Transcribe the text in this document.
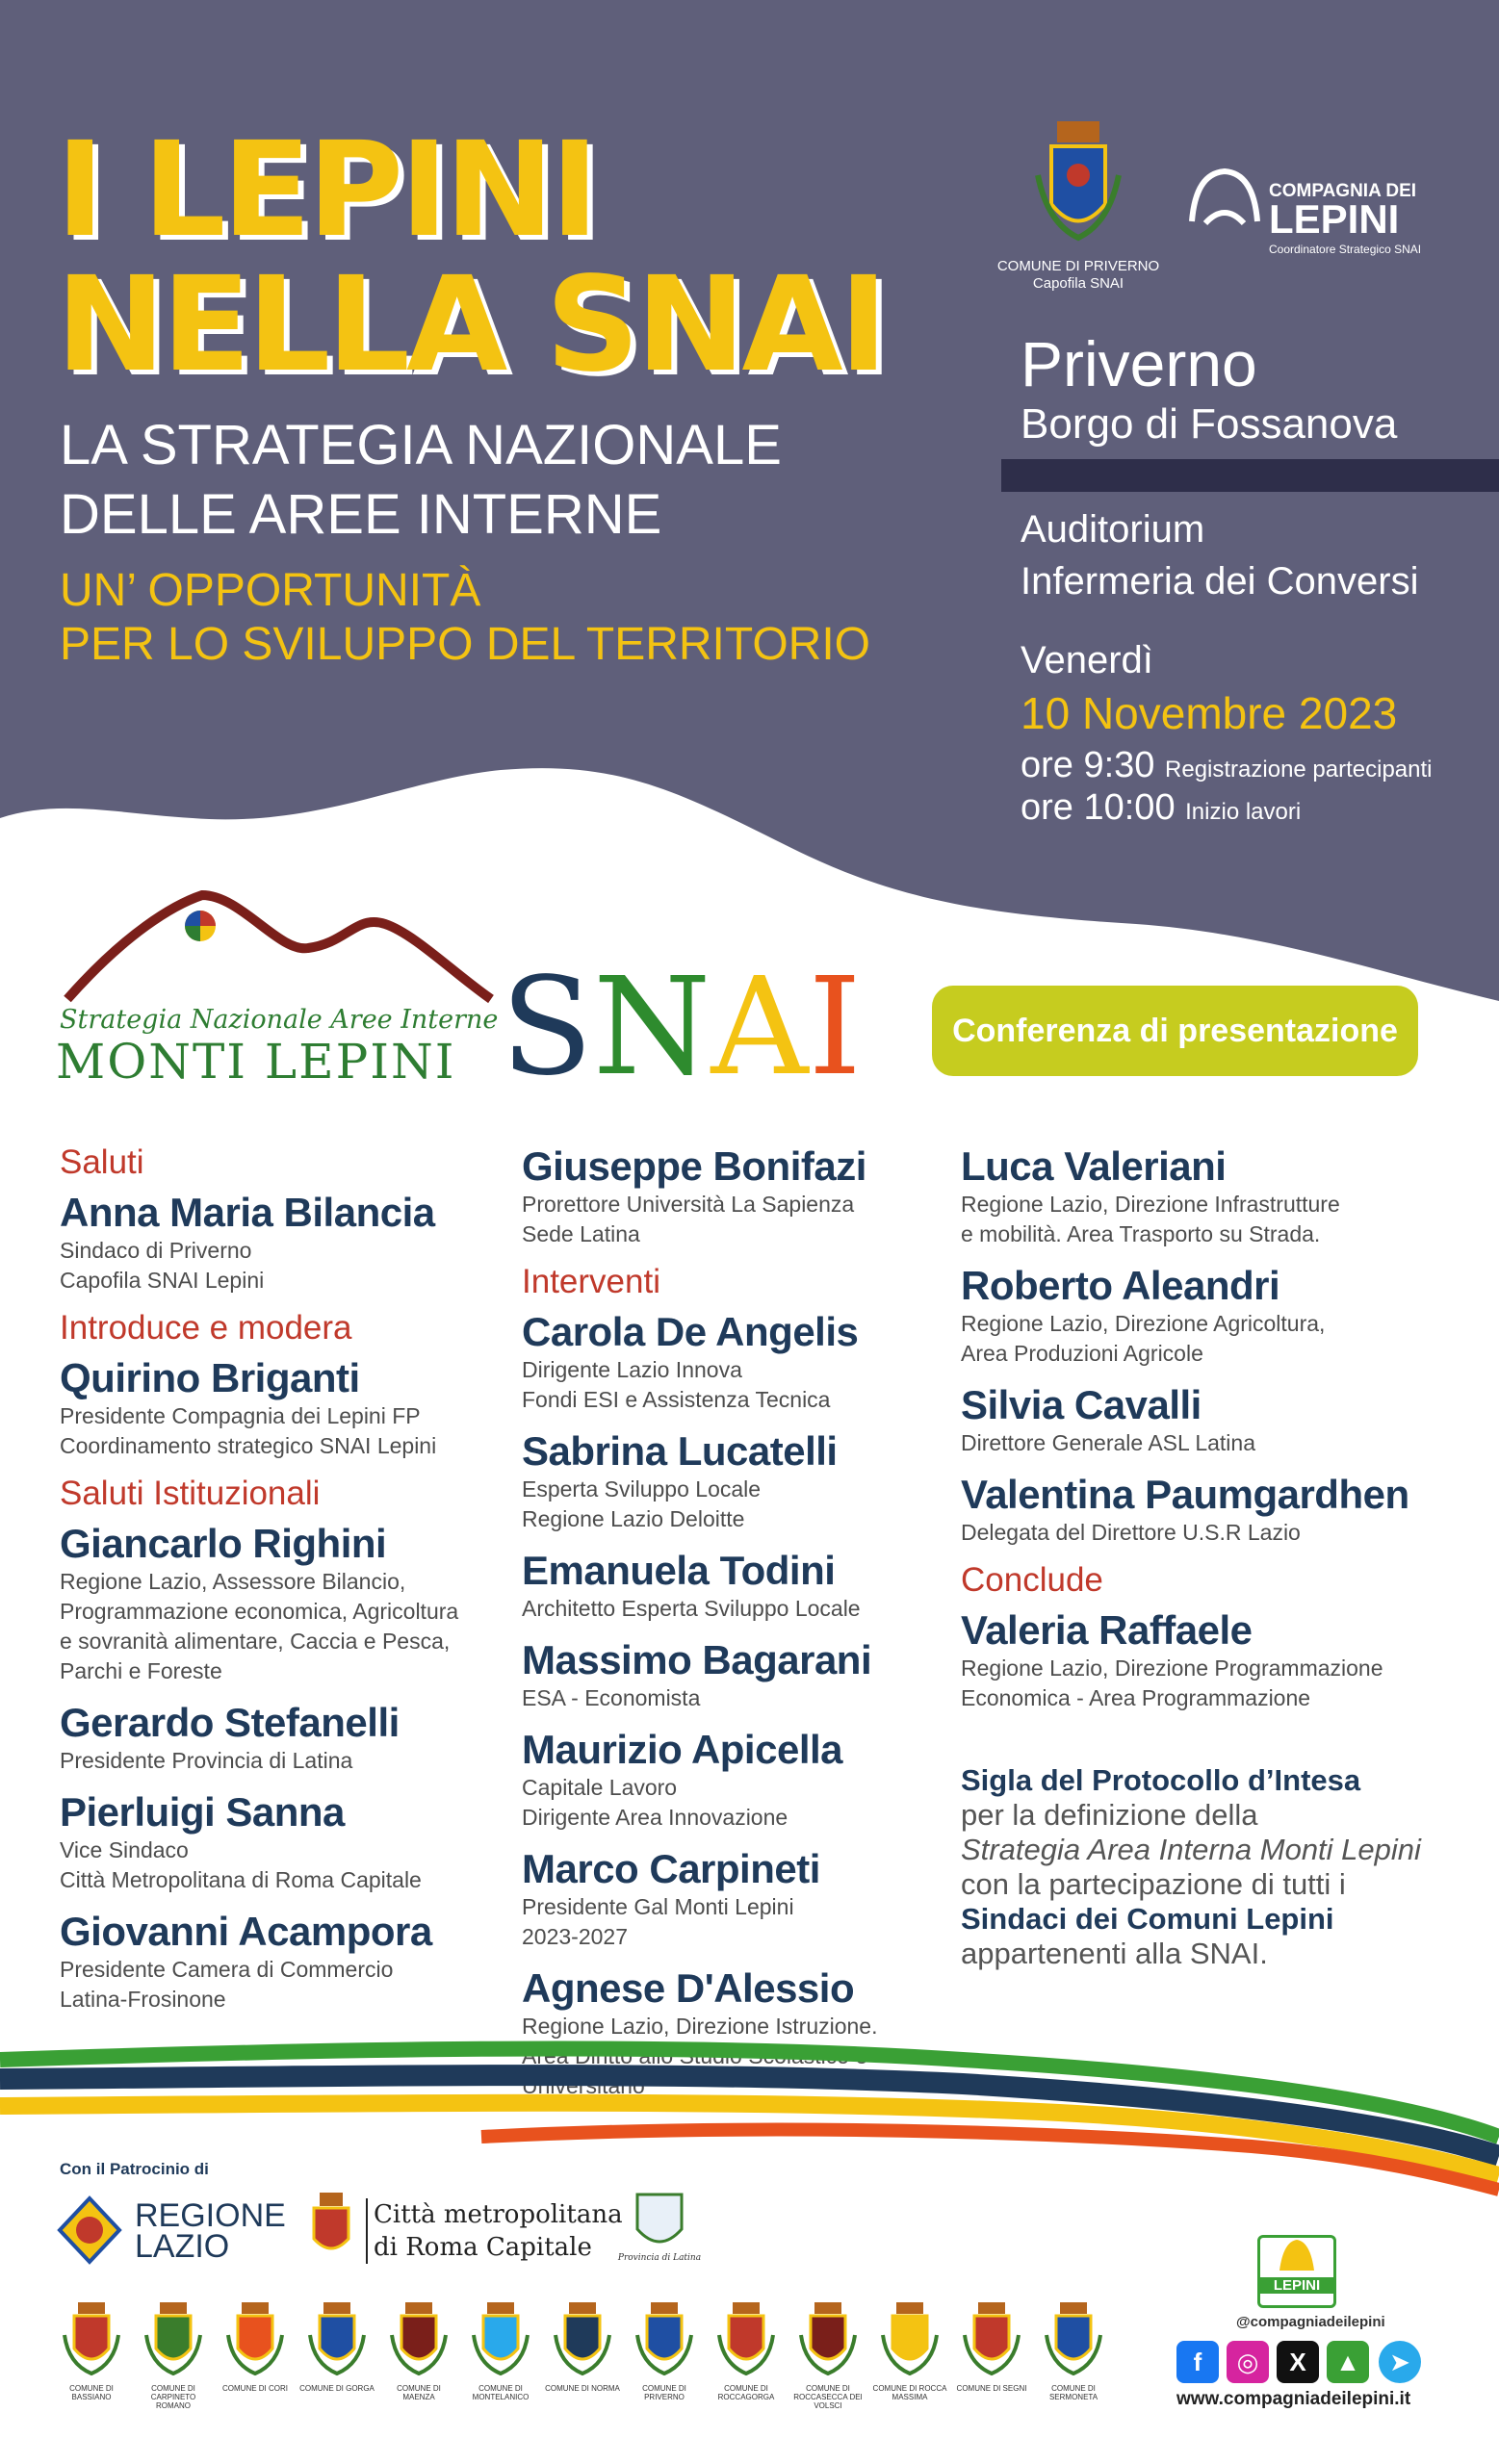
I LEPINI
NELLA SNAI
LA STRATEGIA NAZIONALE
DELLE AREE INTERNE
UN’ OPPORTUNITÀ
PER LO SVILUPPO DEL TERRITORIO
COMUNE DI PRIVERNO
Capofila SNAI
COMPAGNIA DEI
LEPINI
Coordinatore Strategico SNAI
Priverno
Borgo di Fossanova
Auditorium
Infermeria dei Conversi
Venerdì
10 Novembre 2023
ore 9:30 Registrazione partecipanti
ore 10:00 Inizio lavori
Strategia Nazionale Aree Interne
MONTI LEPINI SNAI	Conferenza di presentazione
Saluti
Anna Maria Bilancia
Sindaco di Priverno
Capofila SNAI Lepini
Introduce e modera
Quirino Briganti
Presidente Compagnia dei Lepini FP
Coordinamento strategico SNAI Lepini
Saluti Istituzionali
Giancarlo Righini
Regione Lazio, Assessore Bilancio,
Programmazione economica, Agricoltura
e sovranità alimentare, Caccia e Pesca,
Parchi e Foreste
Gerardo Stefanelli
Presidente Provincia di Latina
Pierluigi Sanna
Vice Sindaco
Città Metropolitana di Roma Capitale
Giovanni Acampora
Presidente Camera di Commercio
Latina-Frosinone
Giuseppe Bonifazi
Prorettore Università La Sapienza
Sede Latina
Interventi
Carola De Angelis
Dirigente Lazio Innova
Fondi ESI e Assistenza Tecnica
Sabrina Lucatelli
Esperta Sviluppo Locale
Regione Lazio Deloitte
Emanuela Todini
Architetto Esperta Sviluppo Locale
Massimo Bagarani
ESA - Economista
Maurizio Apicella
Capitale Lavoro
Dirigente Area Innovazione
Marco Carpineti
Presidente Gal Monti Lepini
2023-2027
Agnese D'Alessio
Regione Lazio, Direzione Istruzione.
Area Diritto allo Studio Scolastico e
Universitario
Luca Valeriani
Regione Lazio, Direzione Infrastrutture
e mobilità. Area Trasporto su Strada.
Roberto Aleandri
Regione Lazio, Direzione Agricoltura,
Area Produzioni Agricole
Silvia Cavalli
Direttore Generale ASL Latina
Valentina Paumgardhen
Delegata del Direttore U.S.R Lazio
Conclude
Valeria Raffaele
Regione Lazio, Direzione Programmazione
Economica - Area Programmazione
Sigla del Protocollo d’Intesa
per la definizione della
Strategia Area Interna Monti Lepini
con la partecipazione di tutti i
Sindaci dei Comuni Lepini
appartenenti alla SNAI.
Con il Patrocinio di
REGIONE
LAZIO
Città metropolitana
di Roma Capitale	Provincia di Latina
COMUNE DI BASSIANO
COMUNE DI CARPINETO ROMANO
COMUNE DI CORI	COMUNE DI GORGA	COMUNE DI MAENZA
COMUNE DI MONTELANICO
COMUNE DI NORMA	COMUNE DI PRIVERNO
COMUNE DI ROCCAGORGA
COMUNE DI ROCCASECCA DEI VOLSCI
COMUNE DI ROCCA MASSIMA
COMUNE DI SEGNI	COMUNE DI SERMONETA
LEPINI
@compagniadeilepini
f	◎	X	▲	➤
www.compagniadeilepini.it
